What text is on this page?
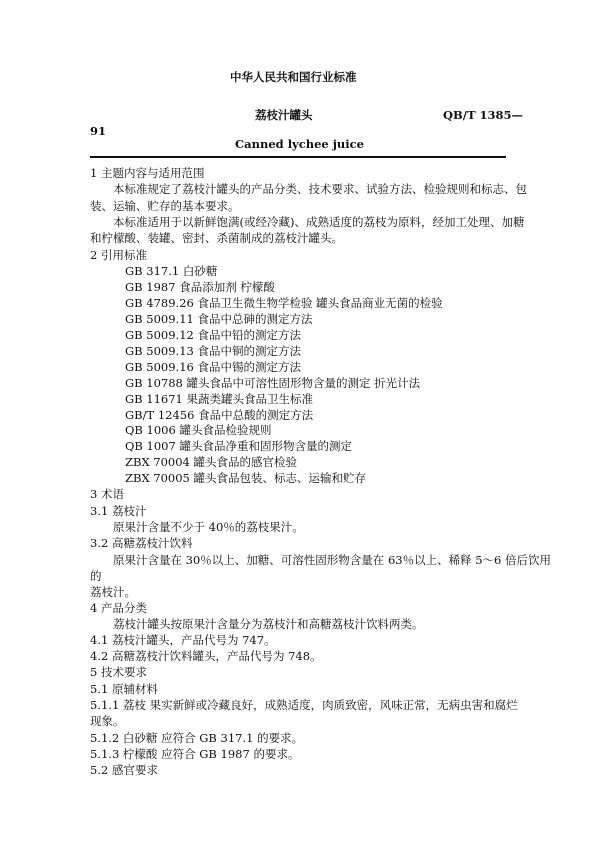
中华人民共和国行业标准
荔枝汁罐头	QB/T 1385—
91
Canned lychee juice
1 主题内容与适用范围
本标准规定了荔枝汁罐头的产品分类、技术要求、试验方法、检验规则和标志、包
装、运输、贮存的基本要求。
本标准适用于以新鲜饱满(或经冷藏)、成熟适度的荔枝为原料，经加工处理、加糖
和柠檬酸、装罐、密封、杀菌制成的荔枝汁罐头。
2 引用标准
GB 317.1 白砂糖
GB 1987 食品添加剂 柠檬酸
GB 4789.26 食品卫生微生物学检验 罐头食品商业无菌的检验
GB 5009.11 食品中总砷的测定方法
GB 5009.12 食品中铅的测定方法
GB 5009.13 食品中铜的测定方法
GB 5009.16 食品中锡的测定方法
GB 10788 罐头食品中可溶性固形物含量的测定 折光计法
GB 11671 果蔬类罐头食品卫生标准
GB/T 12456 食品中总酸的测定方法
QB 1006 罐头食品检验规则
QB 1007 罐头食品净重和固形物含量的测定
ZBX 70004 罐头食品的感官检验
ZBX 70005 罐头食品包装、标志、运输和贮存
3 术语
3.1 荔枝汁
原果汁含量不少于 40％的荔枝果汁。
3.2 高糖荔枝汁饮料
原果汁含量在 30％以上、加糖、可溶性固形物含量在 63％以上、稀释 5～6 倍后饮用
的
荔枝汁。
4 产品分类
荔枝汁罐头按原果汁含量分为荔枝汁和高糖荔枝汁饮料两类。
4.1 荔枝汁罐头，产品代号为 747。
4.2 高糖荔枝汁饮料罐头，产品代号为 748。
5 技术要求
5.1 原辅材料
5.1.1 荔枝 果实新鲜或冷藏良好，成熟适度，肉质致密，风味正常，无病虫害和腐烂
现象。
5.1.2 白砂糖 应符合 GB 317.1 的要求。
5.1.3 柠檬酸 应符合 GB 1987 的要求。
5.2 感官要求
